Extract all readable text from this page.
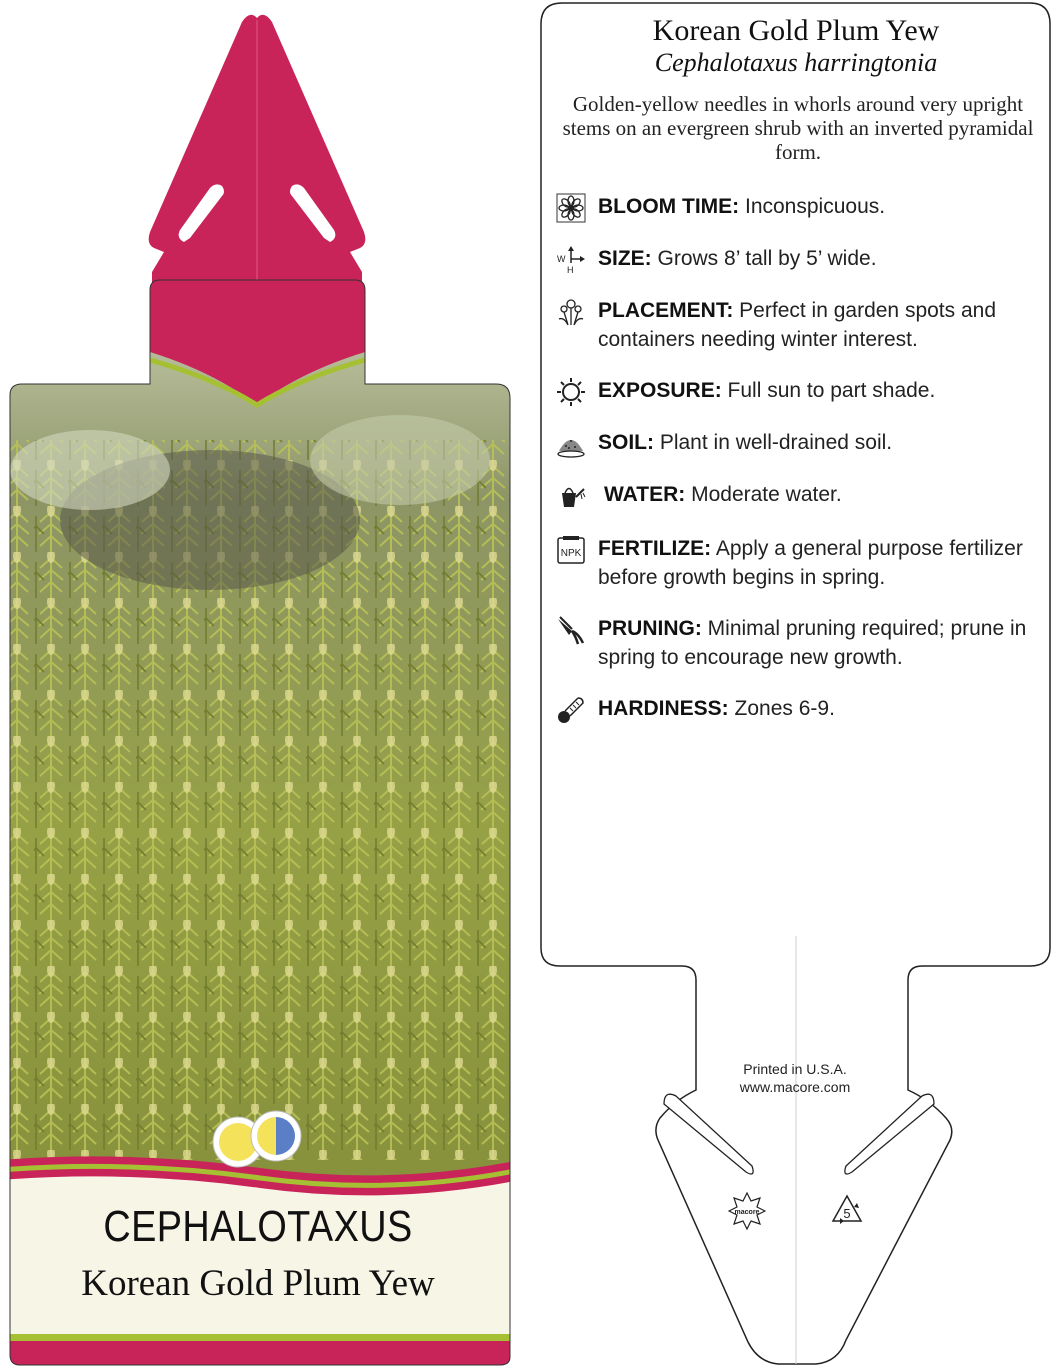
CEPHALOTAXUS
Korean Gold Plum Yew
Korean Gold Plum Yew
Cephalotaxus harringtonia
Golden-yellow needles in whorls around very upright stems on an evergreen shrub with an inverted pyramidal form.
BLOOM TIME: Inconspicuous.
W
H SIZE: Grows 8’ tall by 5’ wide.
PLACEMENT: Perfect in garden spots and containers needing winter interest.
EXPOSURE: Full sun to part shade.
SOIL: Plant in well-drained soil.
WATER: Moderate water.
NPK FERTILIZE: Apply a general purpose fertilizer before growth begins in spring.
PRUNING: Minimal pruning required; prune in spring to encourage new growth.
HARDINESS: Zones 6-9.
Printed in U.S.A.
www.macore.com
macore	5
